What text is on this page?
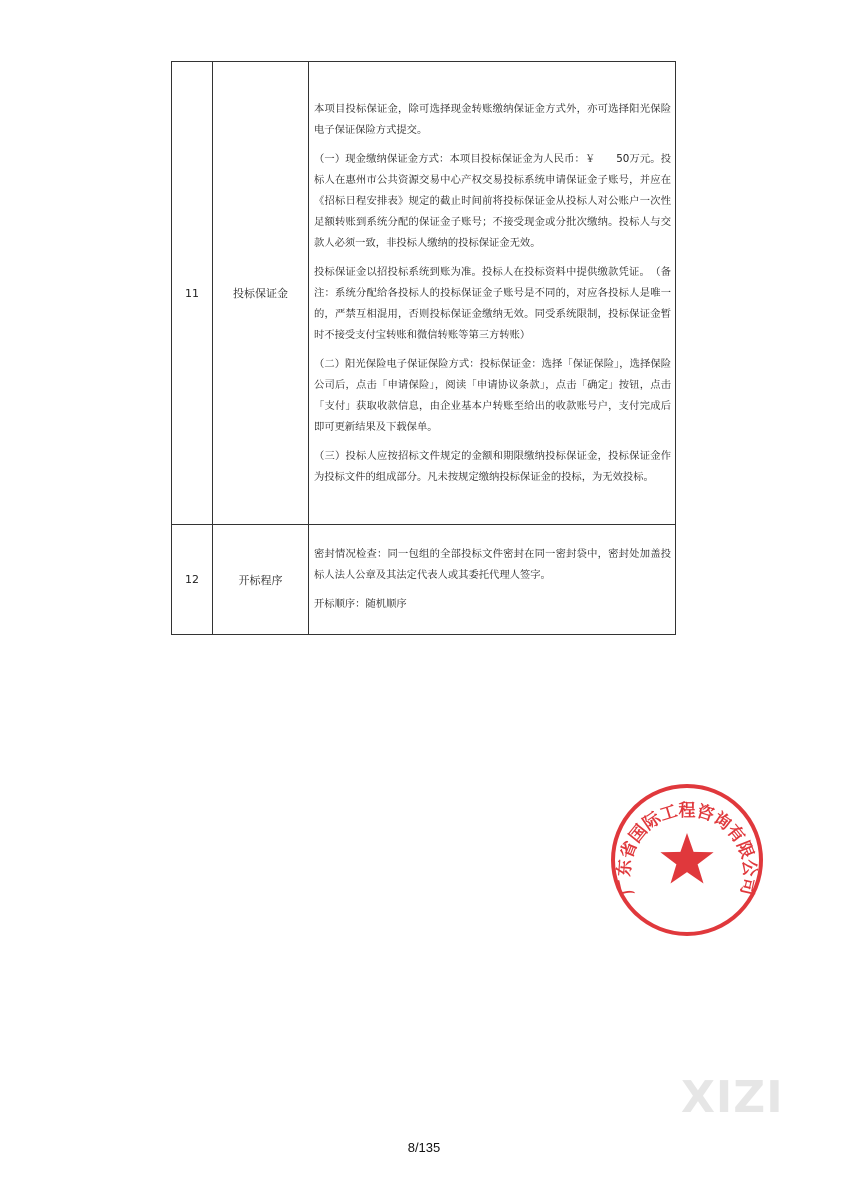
11	投标保证金	本项目投标保证金，除可选择现金转账缴纳保证金方式外，亦可选择阳光保险电子保证保险方式提交。

（一）现金缴纳保证金方式：本项目投标保证金为人民币：￥　　50万元。投标人在惠州市公共资源交易中心产权交易投标系统申请保证金子账号，并应在《招标日程安排表》规定的截止时间前将投标保证金从投标人对公账户一次性足额转账到系统分配的保证金子账号；不接受现金或分批次缴纳。投标人与交款人必须一致，非投标人缴纳的投标保证金无效。

投标保证金以招投标系统到账为准。投标人在投标资料中提供缴款凭证。　（备注：系统分配给各投标人的投标保证金子账号是不同的，对应各投标人是唯一的，严禁互相混用，否则投标保证金缴纳无效。同受系统限制，投标保证金暂时不接受支付宝转账和微信转账等第三方转账）

（二）阳光保险电子保证保险方式：投标保证金：选择「保证保险」，选择保险公司后，点击「申请保险」，阅读「申请协议条款」，点击「确定」按钮，点击「支付」获取收款信息，由企业基本户转账至给出的收款账号户，支付完成后即可更新结果及下载保单。

（三）投标人应按招标文件规定的金额和期限缴纳投标保证金，投标保证金作为投标文件的组成部分。凡未按规定缴纳投标保证金的投标，为无效投标。

12	开标程序	密封情况检查：同一包组的全部投标文件密封在同一密封袋中，密封处加盖投标人法人公章及其法定代表人或其委托代理人签字。

开标顺序：随机顺序

广东省国际工程咨询有限公司
XIZI
8/135
